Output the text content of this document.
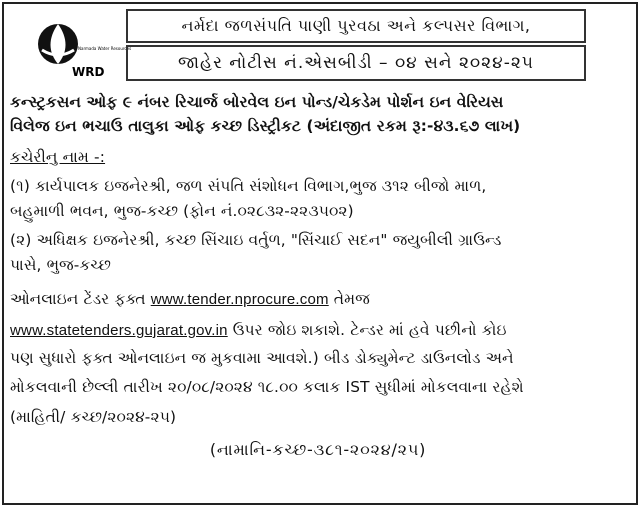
WRD
Narmada Water Resources
નર્મદા જળસંપતિ પાણી પુરવઠા અને કલ્પસર વિભાગ,
જાહેર નોટીસ નં.એસબીડી – ૦૪ સને ૨૦૨૪-૨૫
કન્સ્ટ્રકસન ઓફ ૯ નંબર રિચાર્જ બોરવેલ ઇન પોન્ડ/ચેકડેમ પોર્શન ઇન વેરિયસ
વિલેજ ઇન ભચાઉ તાલુકા ઓફ કચ્છ ડિસ્ટ્રીકટ (અંદાજીત રકમ રૂ:-૪૩.૬૭ લાખ)
કચેરીનુ નામ -:
(૧) કાર્યપાલક ઇજનેરશ્રી, જળ સંપતિ સંશોધન વિભાગ,ભુજ ૩૧૨ બીજો માળ,
બહુમાળી ભવન, ભુજ-કચ્છ (ફોન નં.૦૨૮૩૨-૨૨૩૫૦૨)
(૨) અધિક્ષક ઇજનેરશ્રી, કચ્છ સિંચાઇ વર્તુળ, "સિંચાઈ સદન" જયુબીલી ગ્રાઉન્ડ
પાસે, ભુજ-કચ્છ
ઓનલાઇન ટેંડર ફક્ત www.tender.nprocure.com તેમજ
www.statetenders.gujarat.gov.in ઉપર જોઇ શકાશે. ટેન્ડર માં હવે પછીનો કોઇ
પણ સુધારો ફક્ત ઓનલાઇન જ મુકવામા આવશે.) બીડ ડોક્યુમેન્ટ ડાઉનલોડ અને
મોકલવાની છેલ્લી તારીખ ૨૦/૦૮/૨૦૨૪ ૧૮.૦૦ કલાક IST સુધીમાં મોકલવાના રહેશે
(માહિતી/ કચ્છ/૨૦૨૪-૨૫)
(નામાનિ-કચ્છ-૩૮૧-૨૦૨૪/૨૫)
